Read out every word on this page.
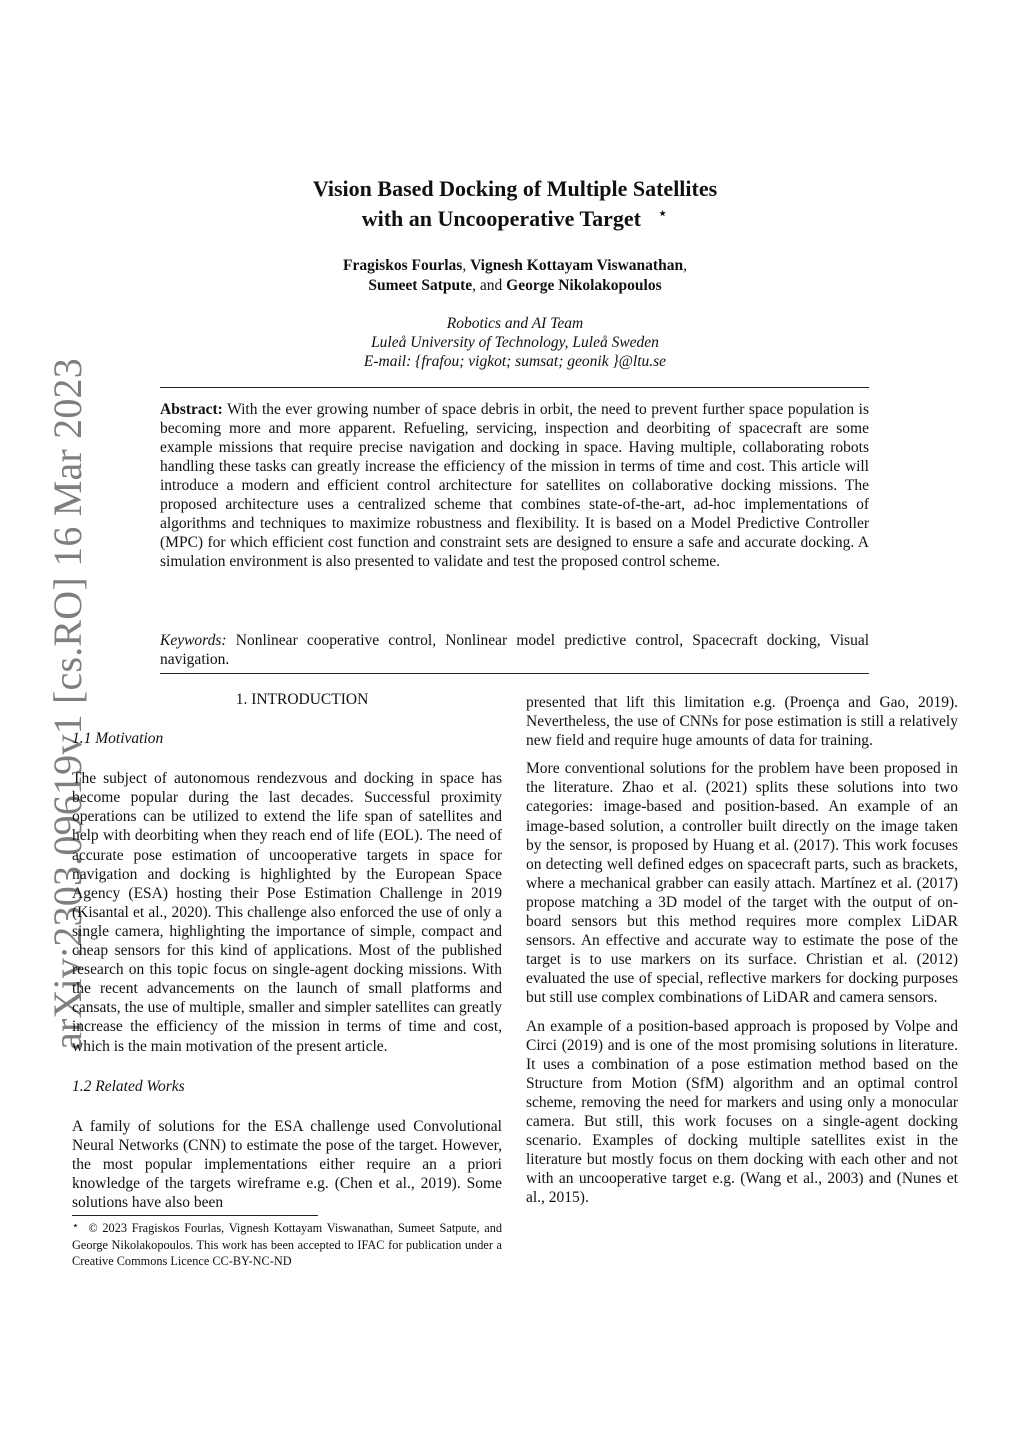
arXiv:2303.09619v1 [cs.RO] 16 Mar 2023
Vision Based Docking of Multiple Satellites
with an Uncooperative Target ⋆
Fragiskos Fourlas, Vignesh Kottayam Viswanathan,
Sumeet Satpute, and George Nikolakopoulos
Robotics and AI Team
Luleå University of Technology, Luleå Sweden
E-mail: {frafou; vigkot; sumsat; geonik }@ltu.se
Abstract: With the ever growing number of space debris in orbit, the need to prevent further space population is becoming more and more apparent. Refueling, servicing, inspection and deorbiting of spacecraft are some example missions that require precise navigation and docking in space. Having multiple, collaborating robots handling these tasks can greatly increase the efficiency of the mission in terms of time and cost. This article will introduce a modern and efficient control architecture for satellites on collaborative docking missions. The proposed architecture uses a centralized scheme that combines state-of-the-art, ad-hoc implementations of algorithms and techniques to maximize robustness and flexibility. It is based on a Model Predictive Controller (MPC) for which efficient cost function and constraint sets are designed to ensure a safe and accurate docking. A simulation environment is also presented to validate and test the proposed control scheme.
Keywords: Nonlinear cooperative control, Nonlinear model predictive control, Spacecraft docking, Visual navigation.
1. INTRODUCTION
1.1 Motivation

The subject of autonomous rendezvous and docking in space has become popular during the last decades. Successful proximity operations can be utilized to extend the life span of satellites and help with deorbiting when they reach end of life (EOL). The need of accurate pose estimation of uncooperative targets in space for navigation and docking is highlighted by the European Space Agency (ESA) hosting their Pose Estimation Challenge in 2019 (Kisantal et al., 2020). This challenge also enforced the use of only a single camera, highlighting the importance of simple, compact and cheap sensors for this kind of applications. Most of the published research on this topic focus on single-agent docking missions. With the recent advancements on the launch of small platforms and cansats, the use of multiple, smaller and simpler satellites can greatly increase the efficiency of the mission in terms of time and cost, which is the main motivation of the present article.

1.2 Related Works

A family of solutions for the ESA challenge used Convolutional Neural Networks (CNN) to estimate the pose of the target. However, the most popular implementations either require an a priori knowledge of the targets wireframe e.g. (Chen et al., 2019). Some solutions have also been

⋆ © 2023 Fragiskos Fourlas, Vignesh Kottayam Viswanathan, Sumeet Satpute, and George Nikolakopoulos. This work has been accepted to IFAC for publication under a Creative Commons Licence CC-BY-NC-ND

presented that lift this limitation e.g. (Proença and Gao, 2019). Nevertheless, the use of CNNs for pose estimation is still a relatively new field and require huge amounts of data for training.

More conventional solutions for the problem have been proposed in the literature. Zhao et al. (2021) splits these solutions into two categories: image-based and position-based. An example of an image-based solution, a controller built directly on the image taken by the sensor, is proposed by Huang et al. (2017). This work focuses on detecting well defined edges on spacecraft parts, such as brackets, where a mechanical grabber can easily attach. Martínez et al. (2017) propose matching a 3D model of the target with the output of on-board sensors but this method requires more complex LiDAR sensors. An effective and accurate way to estimate the pose of the target is to use markers on its surface. Christian et al. (2012) evaluated the use of special, reflective markers for docking purposes but still use complex combinations of LiDAR and camera sensors.

An example of a position-based approach is proposed by Volpe and Circi (2019) and is one of the most promising solutions in literature. It uses a combination of a pose estimation method based on the Structure from Motion (SfM) algorithm and an optimal control scheme, removing the need for markers and using only a monocular camera. But still, this work focuses on a single-agent docking scenario. Examples of docking multiple satellites exist in the literature but mostly focus on them docking with each other and not with an uncooperative target e.g. (Wang et al., 2003) and (Nunes et al., 2015).
